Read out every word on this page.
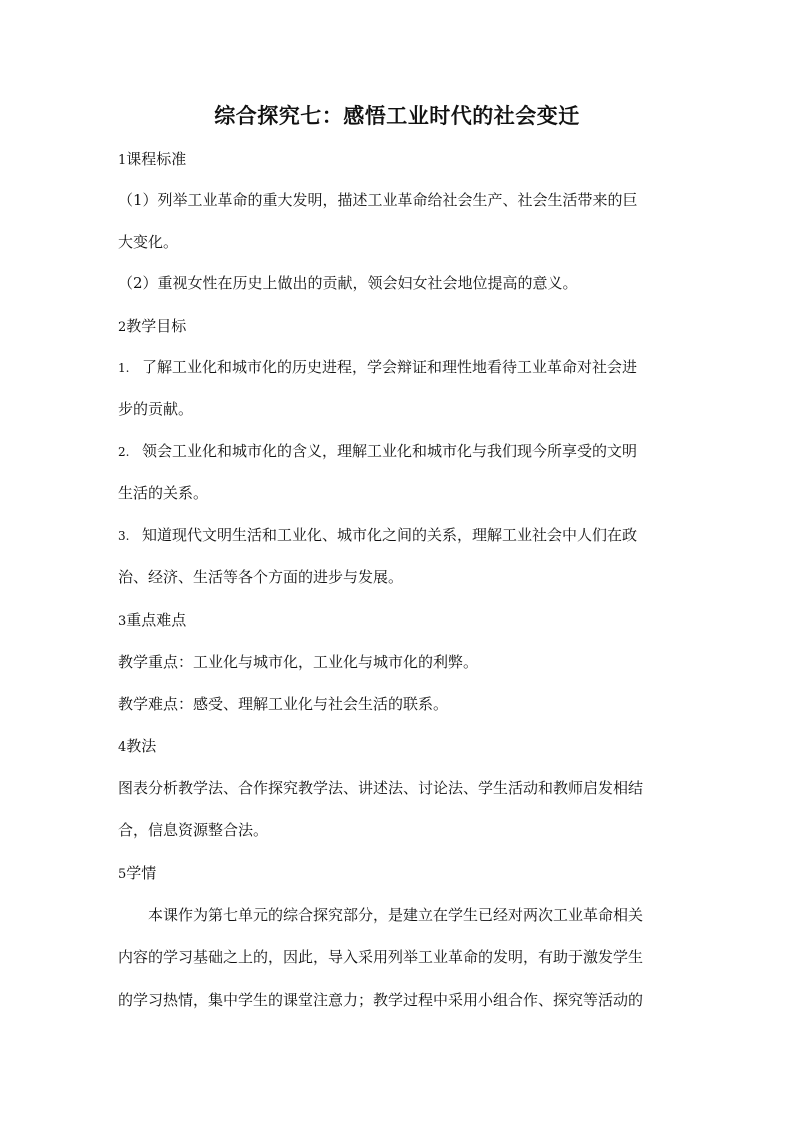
综合探究七：感悟工业时代的社会变迁
1课程标准
（1）列举工业革命的重大发明，描述工业革命给社会生产、社会生活带来的巨
大变化。
（2）重视女性在历史上做出的贡献，领会妇女社会地位提高的意义。
2教学目标
1. 了解工业化和城市化的历史进程，学会辩证和理性地看待工业革命对社会进
步的贡献。
2. 领会工业化和城市化的含义，理解工业化和城市化与我们现今所享受的文明
生活的关系。
3. 知道现代文明生活和工业化、城市化之间的关系，理解工业社会中人们在政
治、经济、生活等各个方面的进步与发展。
3重点难点
教学重点：工业化与城市化，工业化与城市化的利弊。
教学难点：感受、理解工业化与社会生活的联系。
4教法
图表分析教学法、合作探究教学法、讲述法、讨论法、学生活动和教师启发相结
合，信息资源整合法。
5学情
本课作为第七单元的综合探究部分，是建立在学生已经对两次工业革命相关
内容的学习基础之上的，因此，导入采用列举工业革命的发明，有助于激发学生
的学习热情，集中学生的课堂注意力；教学过程中采用小组合作、探究等活动的
